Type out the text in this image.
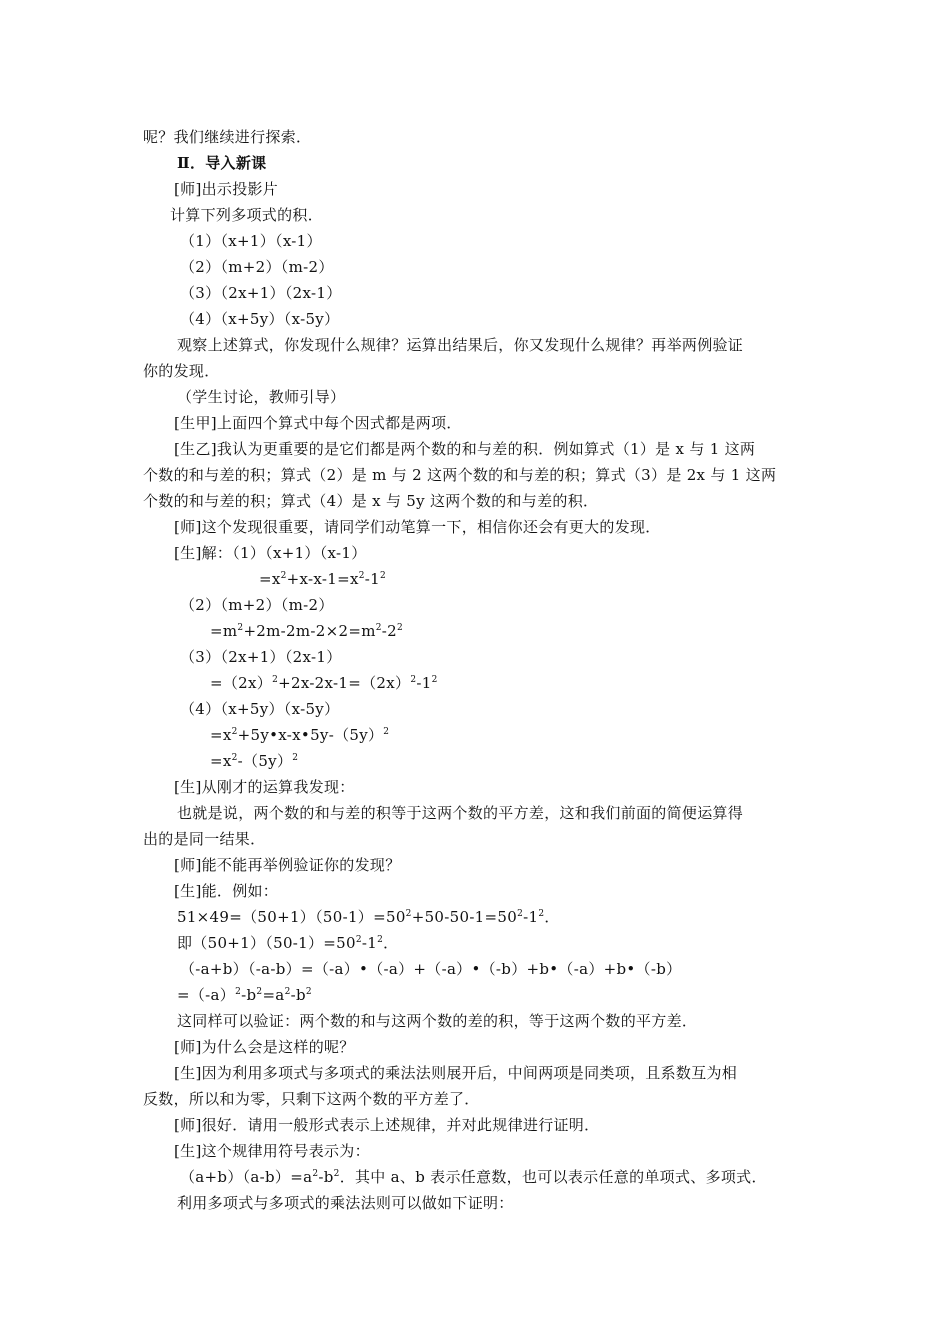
呢？我们继续进行探索．
Ⅱ．导入新课
[师]出示投影片
计算下列多项式的积．
（1）（x+1）（x-1）
（2）（m+2）（m-2）
（3）（2x+1）（2x-1）
（4）（x+5y）（x-5y）
观察上述算式，你发现什么规律？运算出结果后，你又发现什么规律？再举两例验证
你的发现．
（学生讨论，教师引导）
[生甲]上面四个算式中每个因式都是两项．
[生乙]我认为更重要的是它们都是两个数的和与差的积．例如算式（1）是 x 与 1 这两
个数的和与差的积；算式（2）是 m 与 2 这两个数的和与差的积；算式（3）是 2x 与 1 这两
个数的和与差的积；算式（4）是 x 与 5y 这两个数的和与差的积．
[师]这个发现很重要，请同学们动笔算一下，相信你还会有更大的发现．
[生]解：（1）（x+1）（x-1）
$=x^2+x-x-1=x^2-1^2$
（2）（m+2）（m-2）
$=m^2+2m-2m-2\times 2=m^2-2^2$
（3）（2x+1）（2x-1）
$=(2x)^2+2x-2x-1=(2x)^2-1^2$
（4）（x+5y）（x-5y）
$=x^2+5y•x-x•5y-(5y)^2$
$=x^2-(5y)^2$
[生]从刚才的运算我发现：
也就是说，两个数的和与差的积等于这两个数的平方差，这和我们前面的简便运算得
出的是同一结果．
[师]能不能再举例验证你的发现？
[生]能．例如：
$51\times 49=(50+1)(50-1)=50^2+50-50-1=50^2-1^2$．
即$(50+1)(50-1)=50^2-1^2$．
（-a+b）（-a-b）=（-a）•（-a）+（-a）•（-b）+b•（-a）+b•（-b）
$=(-a)^2-b^2=a^2-b^2$
这同样可以验证：两个数的和与这两个数的差的积，等于这两个数的平方差．
[师]为什么会是这样的呢？
[生]因为利用多项式与多项式的乘法法则展开后，中间两项是同类项，且系数互为相
反数，所以和为零，只剩下这两个数的平方差了．
[师]很好．请用一般形式表示上述规律，并对此规律进行证明．
[生]这个规律用符号表示为：
$(a+b)(a-b)=a^2-b^2$．其中 a、b 表示任意数，也可以表示任意的单项式、多项式．
利用多项式与多项式的乘法法则可以做如下证明：
